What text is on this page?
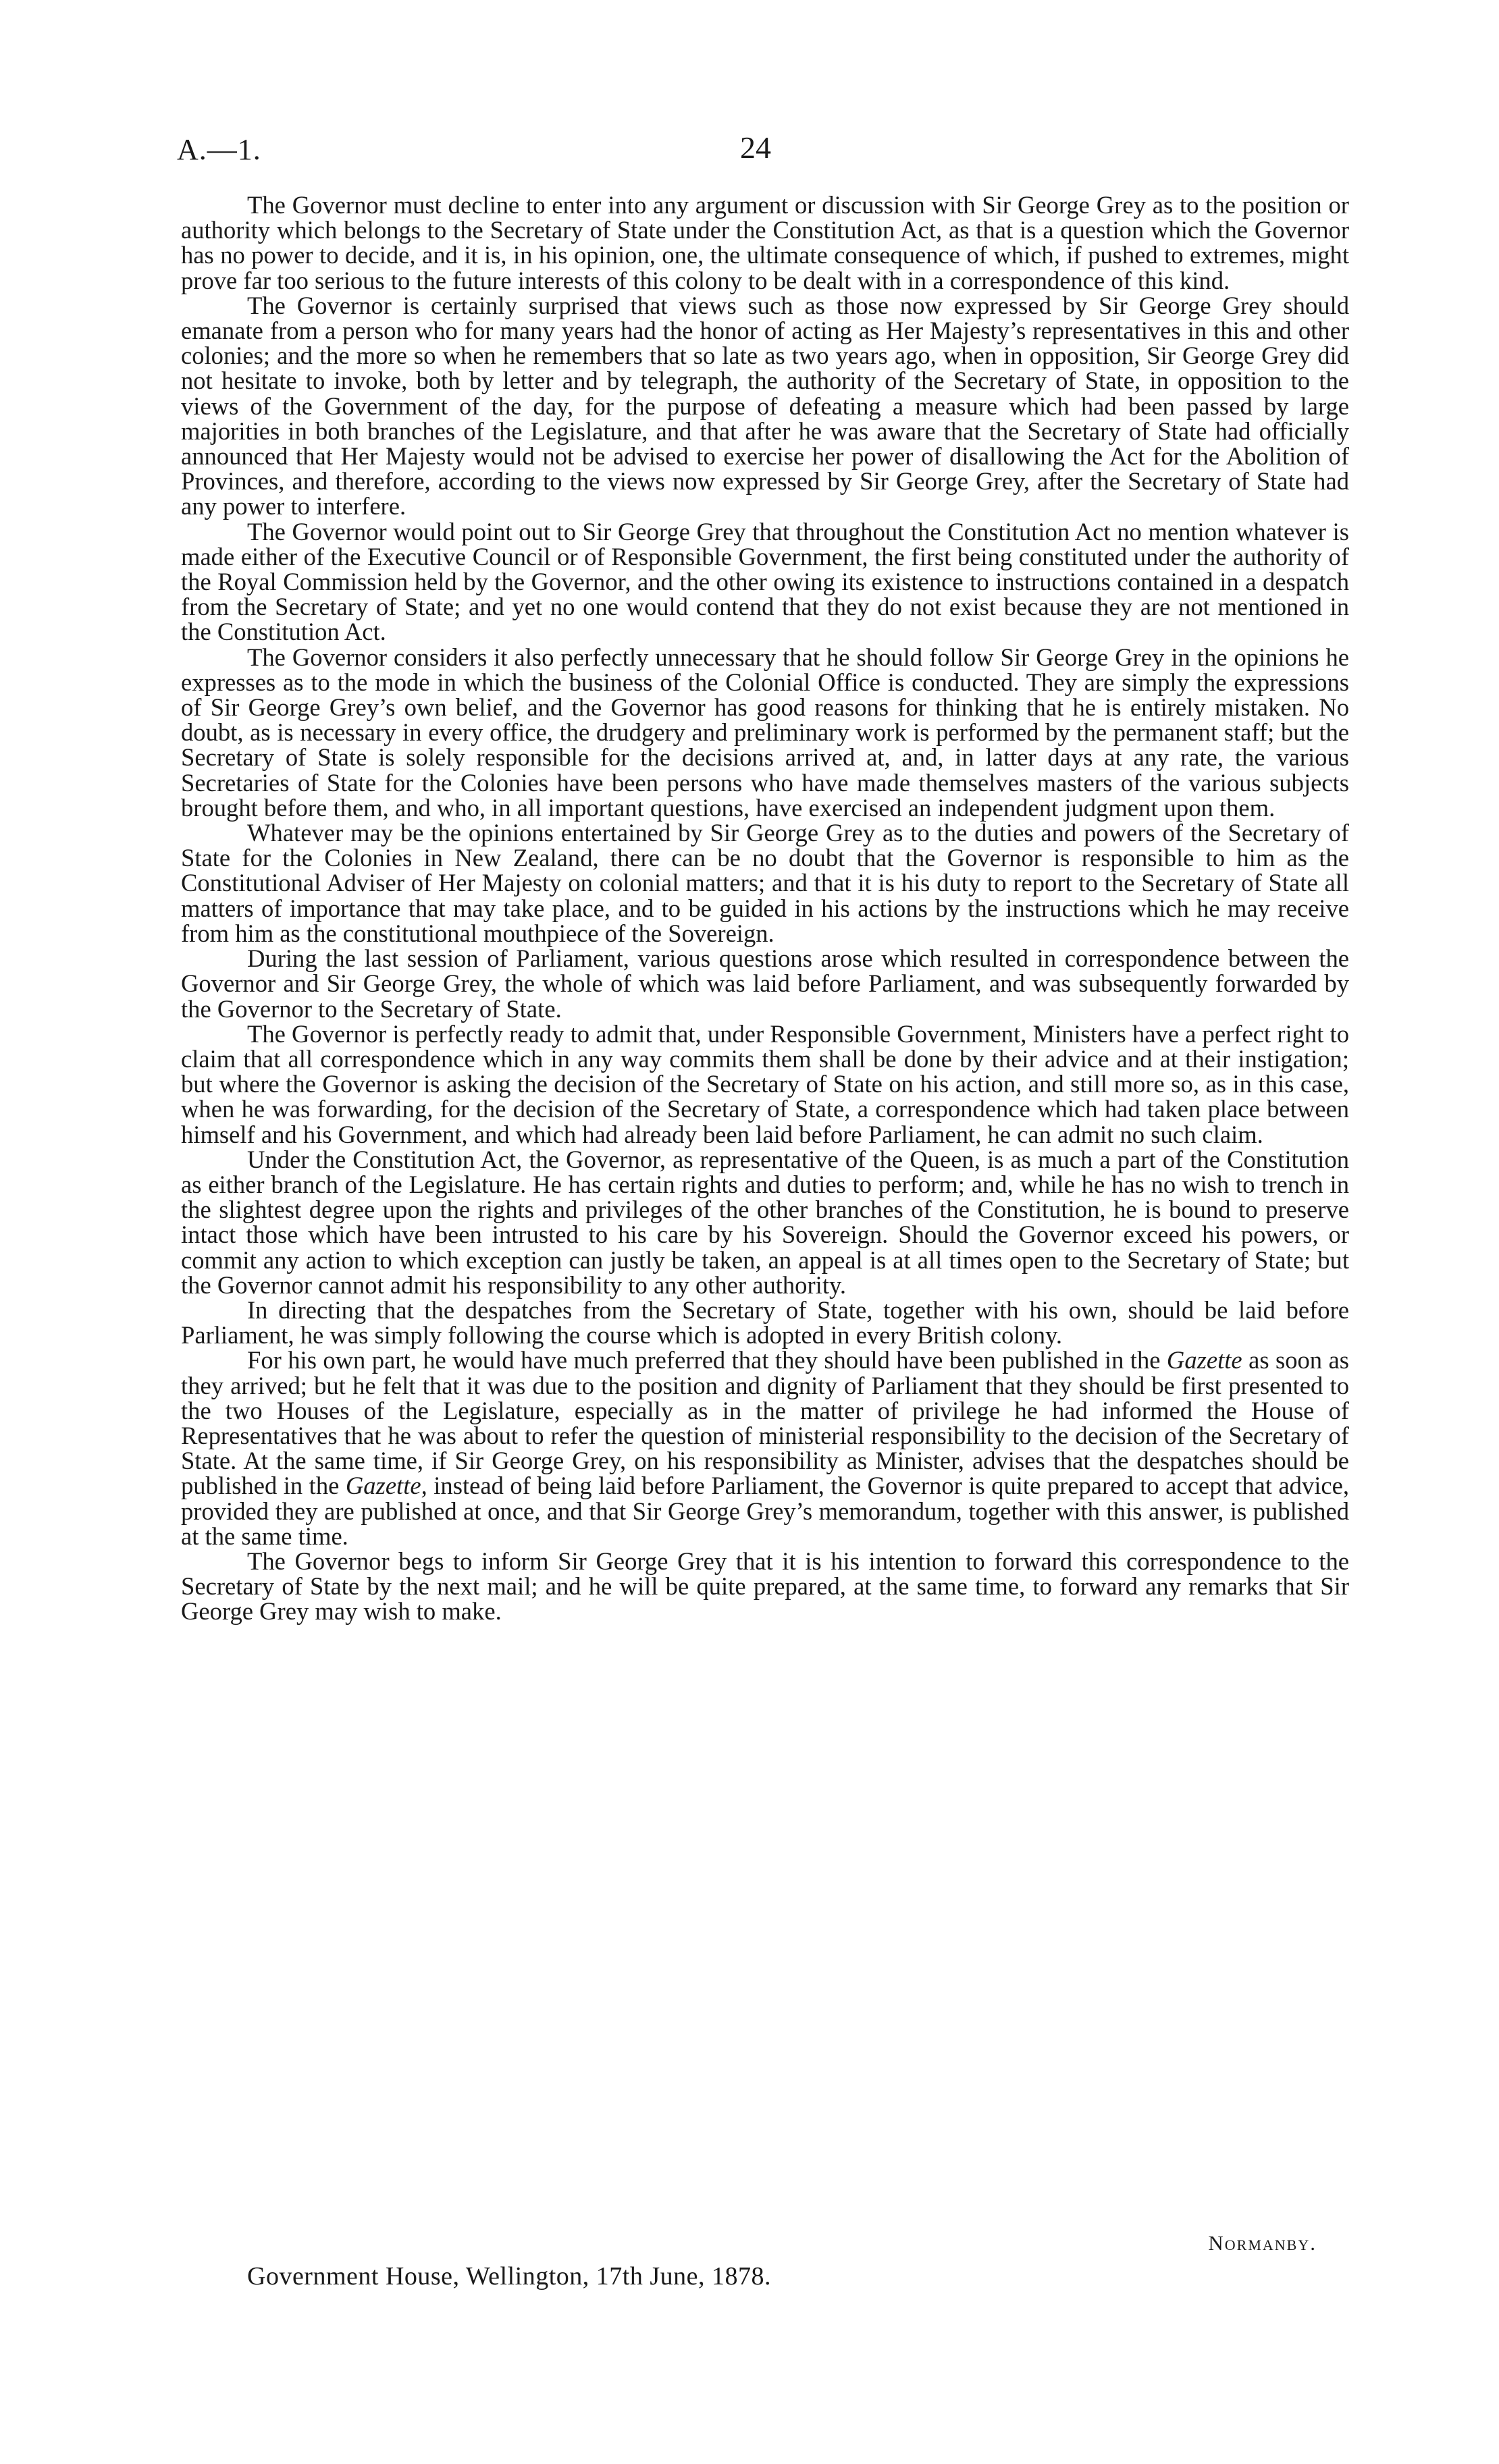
A.—1.	24

The Governor must decline to enter into any argument or discussion with Sir George Grey as to the position or authority which belongs to the Secretary of State under the Constitution Act, as that is a question which the Governor has no power to decide, and it is, in his opinion, one, the ultimate consequence of which, if pushed to extremes, might prove far too serious to the future interests of this colony to be dealt with in a correspondence of this kind.

The Governor is certainly surprised that views such as those now expressed by Sir George Grey should emanate from a person who for many years had the honor of acting as Her Majesty’s representatives in this and other colonies; and the more so when he remembers that so late as two years ago, when in opposition, Sir George Grey did not hesitate to invoke, both by letter and by telegraph, the authority of the Secretary of State, in opposition to the views of the Government of the day, for the purpose of defeating a measure which had been passed by large majorities in both branches of the Legislature, and that after he was aware that the Secretary of State had officially announced that Her Majesty would not be advised to exercise her power of disallowing the Act for the Abolition of Provinces, and therefore, according to the views now expressed by Sir George Grey, after the Secretary of State had any power to interfere.

The Governor would point out to Sir George Grey that throughout the Constitution Act no mention whatever is made either of the Executive Council or of Responsible Government, the first being constituted under the authority of the Royal Commission held by the Governor, and the other owing its existence to instructions contained in a despatch from the Secretary of State; and yet no one would contend that they do not exist because they are not mentioned in the Constitution Act.

The Governor considers it also perfectly unnecessary that he should follow Sir George Grey in the opinions he expresses as to the mode in which the business of the Colonial Office is conducted. They are simply the expressions of Sir George Grey’s own belief, and the Governor has good reasons for thinking that he is entirely mistaken. No doubt, as is necessary in every office, the drudgery and preliminary work is performed by the permanent staff; but the Secretary of State is solely responsible for the decisions arrived at, and, in latter days at any rate, the various Secretaries of State for the Colonies have been persons who have made themselves masters of the various subjects brought before them, and who, in all important questions, have exercised an independent judgment upon them.

Whatever may be the opinions entertained by Sir George Grey as to the duties and powers of the Secretary of State for the Colonies in New Zealand, there can be no doubt that the Governor is responsible to him as the Constitutional Adviser of Her Majesty on colonial matters; and that it is his duty to report to the Secretary of State all matters of importance that may take place, and to be guided in his actions by the instructions which he may receive from him as the constitutional mouthpiece of the Sovereign.

During the last session of Parliament, various questions arose which resulted in correspondence between the Governor and Sir George Grey, the whole of which was laid before Parliament, and was subsequently forwarded by the Governor to the Secretary of State.

The Governor is perfectly ready to admit that, under Responsible Government, Ministers have a perfect right to claim that all correspondence which in any way commits them shall be done by their advice and at their instigation; but where the Governor is asking the decision of the Secretary of State on his action, and still more so, as in this case, when he was forwarding, for the decision of the Secretary of State, a correspondence which had taken place between himself and his Government, and which had already been laid before Parliament, he can admit no such claim.

Under the Constitution Act, the Governor, as representative of the Queen, is as much a part of the Constitution as either branch of the Legislature. He has certain rights and duties to perform; and, while he has no wish to trench in the slightest degree upon the rights and privileges of the other branches of the Constitution, he is bound to preserve intact those which have been intrusted to his care by his Sovereign. Should the Governor exceed his powers, or commit any action to which exception can justly be taken, an appeal is at all times open to the Secretary of State; but the Governor cannot admit his responsibility to any other authority.

In directing that the despatches from the Secretary of State, together with his own, should be laid before Parliament, he was simply following the course which is adopted in every British colony.

For his own part, he would have much preferred that they should have been published in the Gazette as soon as they arrived; but he felt that it was due to the position and dignity of Parliament that they should be first presented to the two Houses of the Legislature, especially as in the matter of privilege he had informed the House of Representatives that he was about to refer the question of ministerial responsibility to the decision of the Secretary of State. At the same time, if Sir George Grey, on his responsibility as Minister, advises that the despatches should be published in the Gazette, instead of being laid before Parliament, the Governor is quite prepared to accept that advice, provided they are published at once, and that Sir George Grey’s memorandum, together with this answer, is published at the same time.

The Governor begs to inform Sir George Grey that it is his intention to forward this correspondence to the Secretary of State by the next mail; and he will be quite prepared, at the same time, to forward any remarks that Sir George Grey may wish to make.

Normanby.
Government House, Wellington, 17th June, 1878.
